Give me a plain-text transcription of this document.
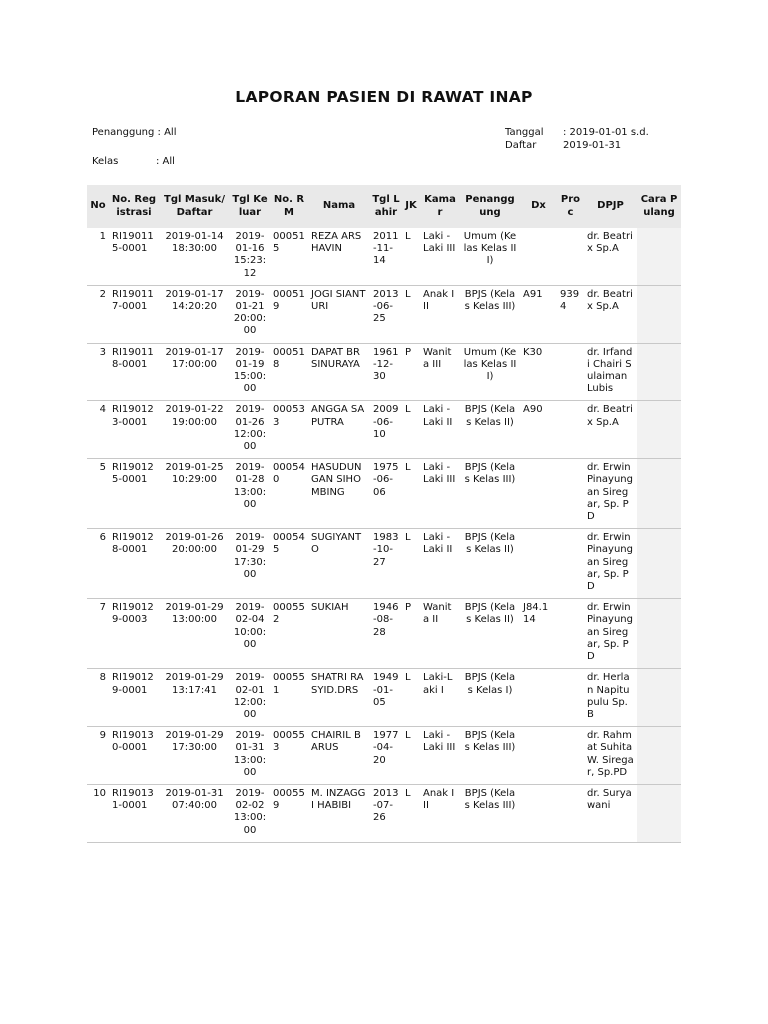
LAPORAN PASIEN DI RAWAT INAP
Penanggung : All
Kelas	: All
Tanggal	: 2019-01-01 s.d.
Daftar	2019-01-31
No	No. Registrasi	Tgl Masuk/Daftar	Tgl Keluar	No. RM	Nama	Tgl Lahir	JK	Kamar	Penanggung	Dx	Proc	DPJP	Cara Pulang
1	RI190115-0001	2019-01-14 18:30:00	2019-01-16 15:23:12	000515	REZA ARSHAVIN	2011-11-14	L	Laki - Laki III	Umum (Kelas Kelas III)			dr. Beatrix Sp.A	
2	RI190117-0001	2019-01-17 14:20:20	2019-01-21 20:00:00	000519	JOGI SIANTURI	2013-06-25	L	Anak III	BPJS (Kelas Kelas III)	A91	9394	dr. Beatrix Sp.A	
3	RI190118-0001	2019-01-17 17:00:00	2019-01-19 15:00:00	000518	DAPAT BR SINURAYA	1961-12-30	P	Wanita III	Umum (Kelas Kelas III)	K30		dr. Irfandi Chairi Sulaiman Lubis	
4	RI190123-0001	2019-01-22 19:00:00	2019-01-26 12:00:00	000533	ANGGA SAPUTRA	2009-06-10	L	Laki - Laki II	BPJS (Kelas Kelas II)	A90		dr. Beatrix Sp.A	
5	RI190125-0001	2019-01-25 10:29:00	2019-01-28 13:00:00	000540	HASUDUN GAN SIHOMBING	1975-06-06	L	Laki - Laki III	BPJS (Kelas Kelas III)			dr. Erwin Pinayungan Siregar, Sp. PD	
6	RI190128-0001	2019-01-26 20:00:00	2019-01-29 17:30:00	000545	SUGIYANTO	1983-10-27	L	Laki - Laki II	BPJS (Kelas Kelas II)			dr. Erwin Pinayungan Siregar, Sp. PD	
7	RI190129-0003	2019-01-29 13:00:00	2019-02-04 10:00:00	000552	SUKIAH	1946-08-28	P	Wanita II	BPJS (Kelas Kelas II)	J84.114		dr. Erwin Pinayungan Siregar, Sp. PD	
8	RI190129-0001	2019-01-29 13:17:41	2019-02-01 12:00:00	000551	SHATRI RASYID.DRS	1949-01-05	L	Laki-Laki I	BPJS (Kelas Kelas I)			dr. Herlan Napitupulu Sp.B	
9	RI190130-0001	2019-01-29 17:30:00	2019-01-31 13:00:00	000553	CHAIRIL BARUS	1977-04-20	L	Laki - Laki III	BPJS (Kelas Kelas III)			dr. Rahmat Suhita W. Siregar, Sp.PD	
10	RI190131-0001	2019-01-31 07:40:00	2019-02-02 13:00:00	000559	M. INZAGGI HABIBI	2013-07-26	L	Anak III	BPJS (Kelas Kelas III)			dr. Suryawani	
